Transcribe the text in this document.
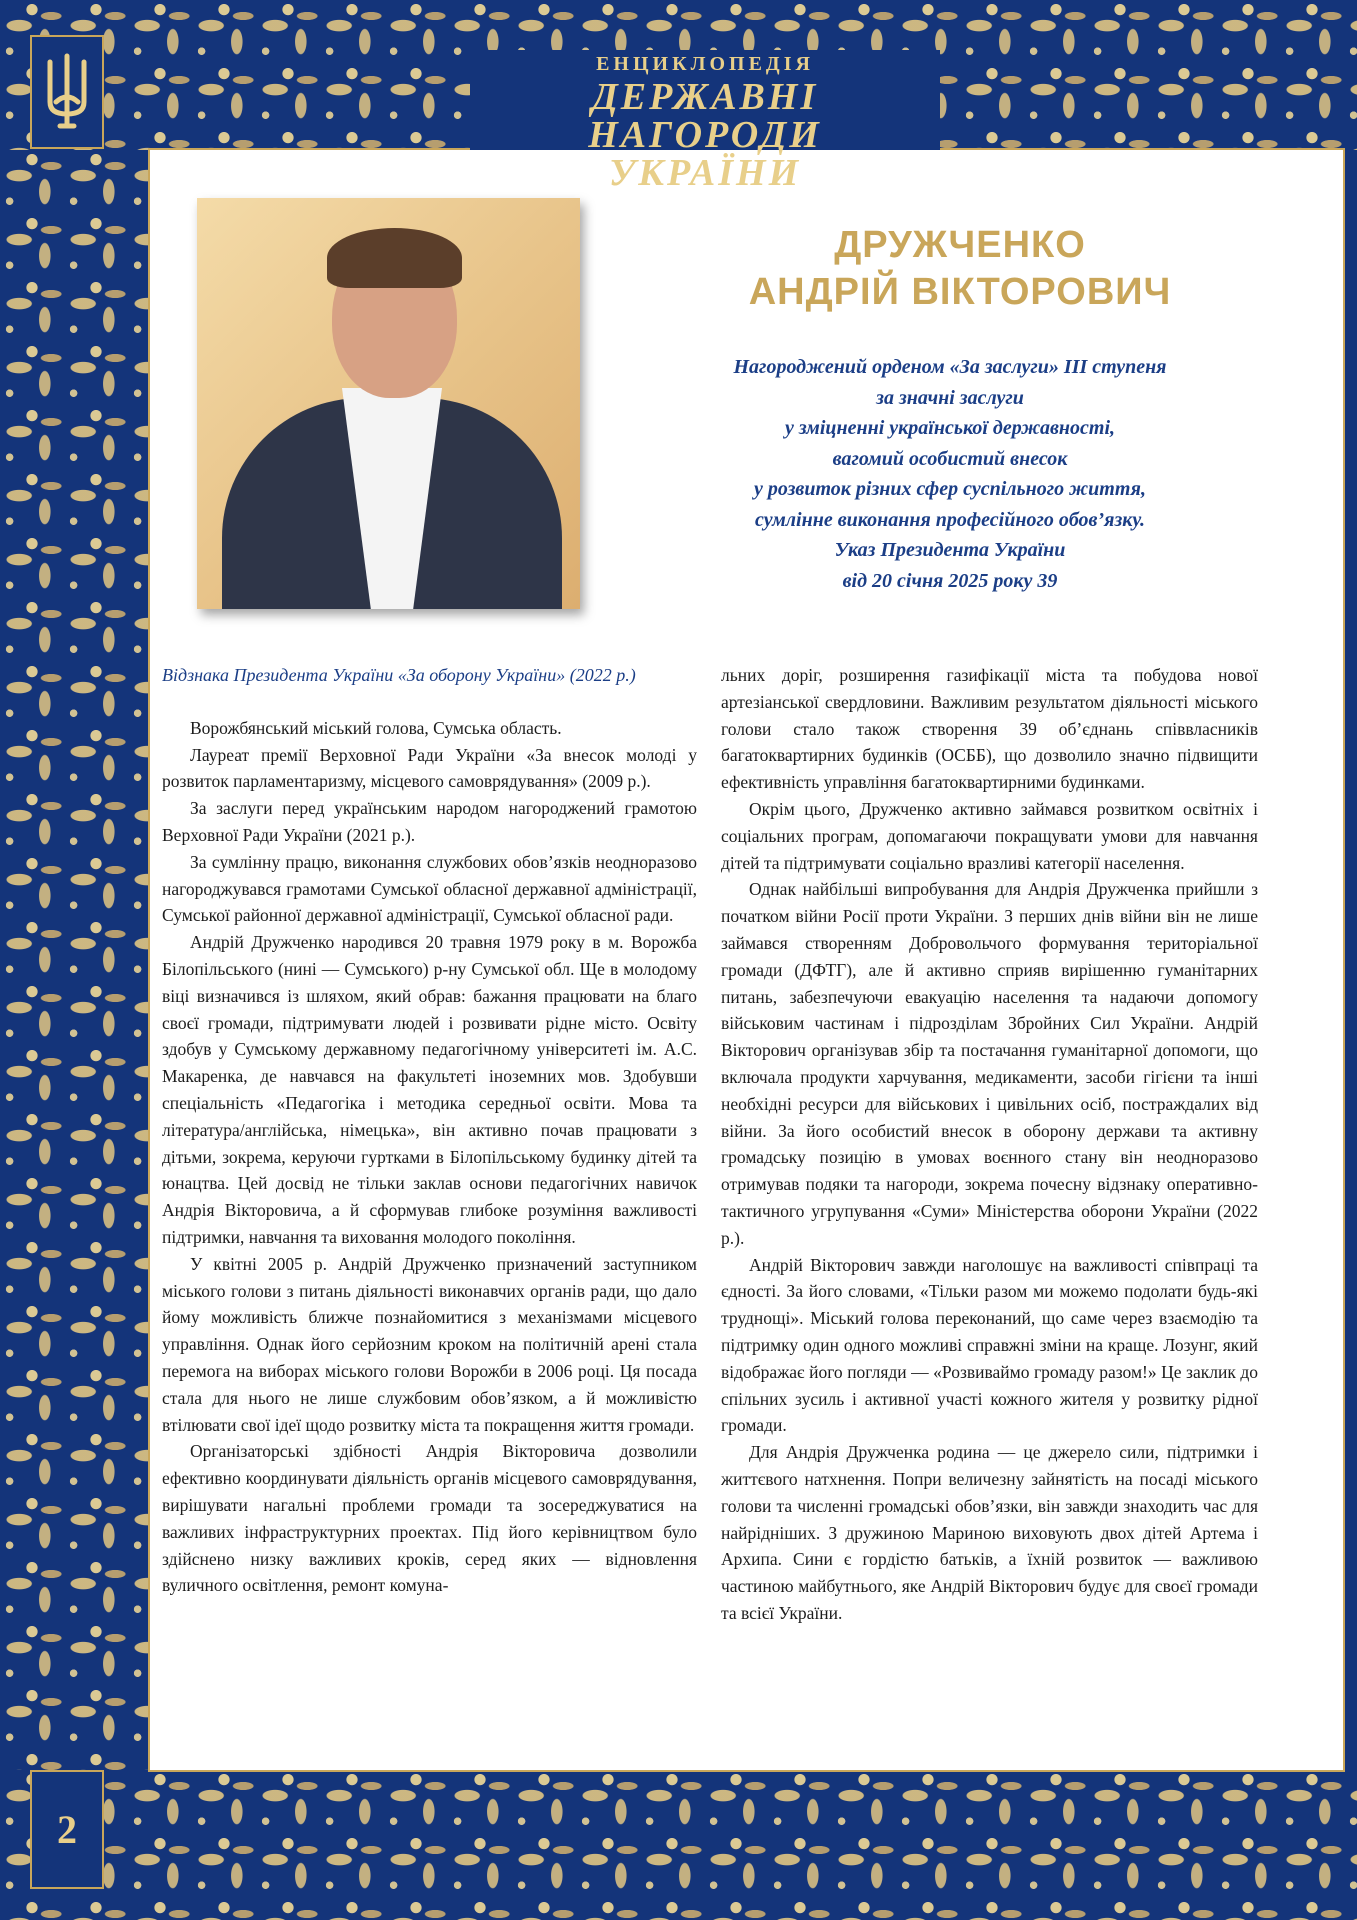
ЕНЦИКЛОПЕДІЯ
ДЕРЖАВНІ НАГОРОДИ
УКРАЇНИ
2
ДРУЖЧЕНКО
АНДРІЙ ВІКТОРОВИЧ
Нагороджений орденом «За заслуги» III ступеня
за значні заслуги
у зміцненні української державності,
вагомий особистий внесок
у розвиток різних сфер суспільного життя,
сумлінне виконання професійного обов’язку.
Указ Президента України
від 20 січня 2025 року 39

Відзнака Президента України «За оборону України» (2022 р.)

Ворожбянський міський голова, Сумська область.

Лауреат премії Верховної Ради України «За внесок молоді у розвиток парламентаризму, місцевого самоврядування» (2009 р.).

За заслуги перед українським народом нагороджений грамотою Верховної Ради України (2021 р.).

За сумлінну працю, виконання службових обов’язків неодноразово нагороджувався грамотами Сумської обласної державної адміністрації, Сумської районної державної адміністрації, Сумської обласної ради.

Андрій Дружченко народився 20 травня 1979 року в м. Ворожба Білопільського (нині — Сумського) р-ну Сумської обл. Ще в молодому віці визначився із шляхом, який обрав: бажання працювати на благо своєї громади, підтримувати людей і розвивати рідне місто. Освіту здобув у Сумському державному педагогічному університеті ім. А.С. Макаренка, де навчався на факультеті іноземних мов. Здобувши спеціальність «Педагогіка і методика середньої освіти. Мова та література/англійська, німецька», він активно почав працювати з дітьми, зокрема, керуючи гуртками в Білопільському будинку дітей та юнацтва. Цей досвід не тільки заклав основи педагогічних навичок Андрія Вікторовича, а й сформував глибоке розуміння важливості підтримки, навчання та виховання молодого покоління.

У квітні 2005 р. Андрій Дружченко призначений заступником міського голови з питань діяльності виконавчих органів ради, що дало йому можливість ближче познайомитися з механізмами місцевого управління. Однак його серйозним кроком на політичній арені стала перемога на виборах міського голови Ворожби в 2006 році. Ця посада стала для нього не лише службовим обов’язком, а й можливістю втілювати свої ідеї щодо розвитку міста та покращення життя громади.

Організаторські здібності Андрія Вікторовича дозволили ефективно координувати діяльність органів місцевого самоврядування, вирішувати нагальні проблеми громади та зосереджуватися на важливих інфраструктурних проектах. Під його керівництвом було здійснено низку важливих кроків, серед яких — відновлення вуличного освітлення, ремонт комуна-

льних доріг, розширення газифікації міста та побудова нової артезіанської свердловини. Важливим результатом діяльності міського голови стало також створення 39 об’єднань співвласників багатоквартирних будинків (ОСББ), що дозволило значно підвищити ефективність управління багатоквартирними будинками.

Окрім цього, Дружченко активно займався розвитком освітніх і соціальних програм, допомагаючи покращувати умови для навчання дітей та підтримувати соціально вразливі категорії населення.

Однак найбільші випробування для Андрія Дружченка прийшли з початком війни Росії проти України. З перших днів війни він не лише займався створенням Добровольчого формування територіальної громади (ДФТГ), але й активно сприяв вирішенню гуманітарних питань, забезпечуючи евакуацію населення та надаючи допомогу військовим частинам і підрозділам Збройних Сил України. Андрій Вікторович організував збір та постачання гуманітарної допомоги, що включала продукти харчування, медикаменти, засоби гігієни та інші необхідні ресурси для військових і цивільних осіб, постраждалих від війни. За його особистий внесок в оборону держави та активну громадську позицію в умовах воєнного стану він неодноразово отримував подяки та нагороди, зокрема почесну відзнаку оперативно-тактичного угрупування «Суми» Міністерства оборони України (2022 р.).

Андрій Вікторович завжди наголошує на важливості співпраці та єдності. За його словами, «Тільки разом ми можемо подолати будь-які труднощі». Міський голова переконаний, що саме через взаємодію та підтримку один одного можливі справжні зміни на краще. Лозунг, який відображає його погляди — «Розвиваймо громаду разом!» Це заклик до спільних зусиль і активної участі кожного жителя у розвитку рідної громади.

Для Андрія Дружченка родина — це джерело сили, підтримки і життєвого натхнення. Попри величезну зайнятість на посаді міського голови та численні громадські обов’язки, він завжди знаходить час для найрідніших. З дружиною Мариною виховують двох дітей Артема і Архипа. Сини є гордістю батьків, а їхній розвиток — важливою частиною майбутнього, яке Андрій Вікторович будує для своєї громади та всієї України.
